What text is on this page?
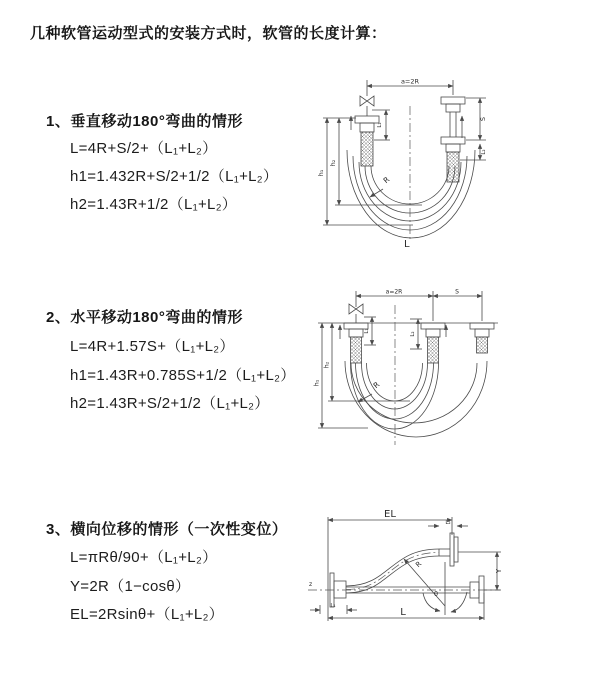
几种软管运动型式的安装方式时，软管的长度计算：
1、垂直移动180°弯曲的情形
L=4R+S/2+（L₁+L₂）
h1=1.432R+S/2+1/2（L₁+L₂）
h2=1.43R+1/2（L₁+L₂）
a=2R
L₁
S
L₂
h₁
h₂
R
L
2、水平移动180°弯曲的情形
L=4R+1.57S+（L₁+L₂）
h1=1.43R+0.785S+1/2（L₁+L₂）
h2=1.43R+S/2+1/2（L₁+L₂）
a=2R	S
L₁
L₂
h₁
h₂
R
3、横向位移的情形（一次性变位）
L=πRθ/90+（L₁+L₂）
Y=2R（1−cosθ）
EL=2Rsinθ+（L₁+L₂）
EL
L₂
z
Y
R
θ
L
L₁
